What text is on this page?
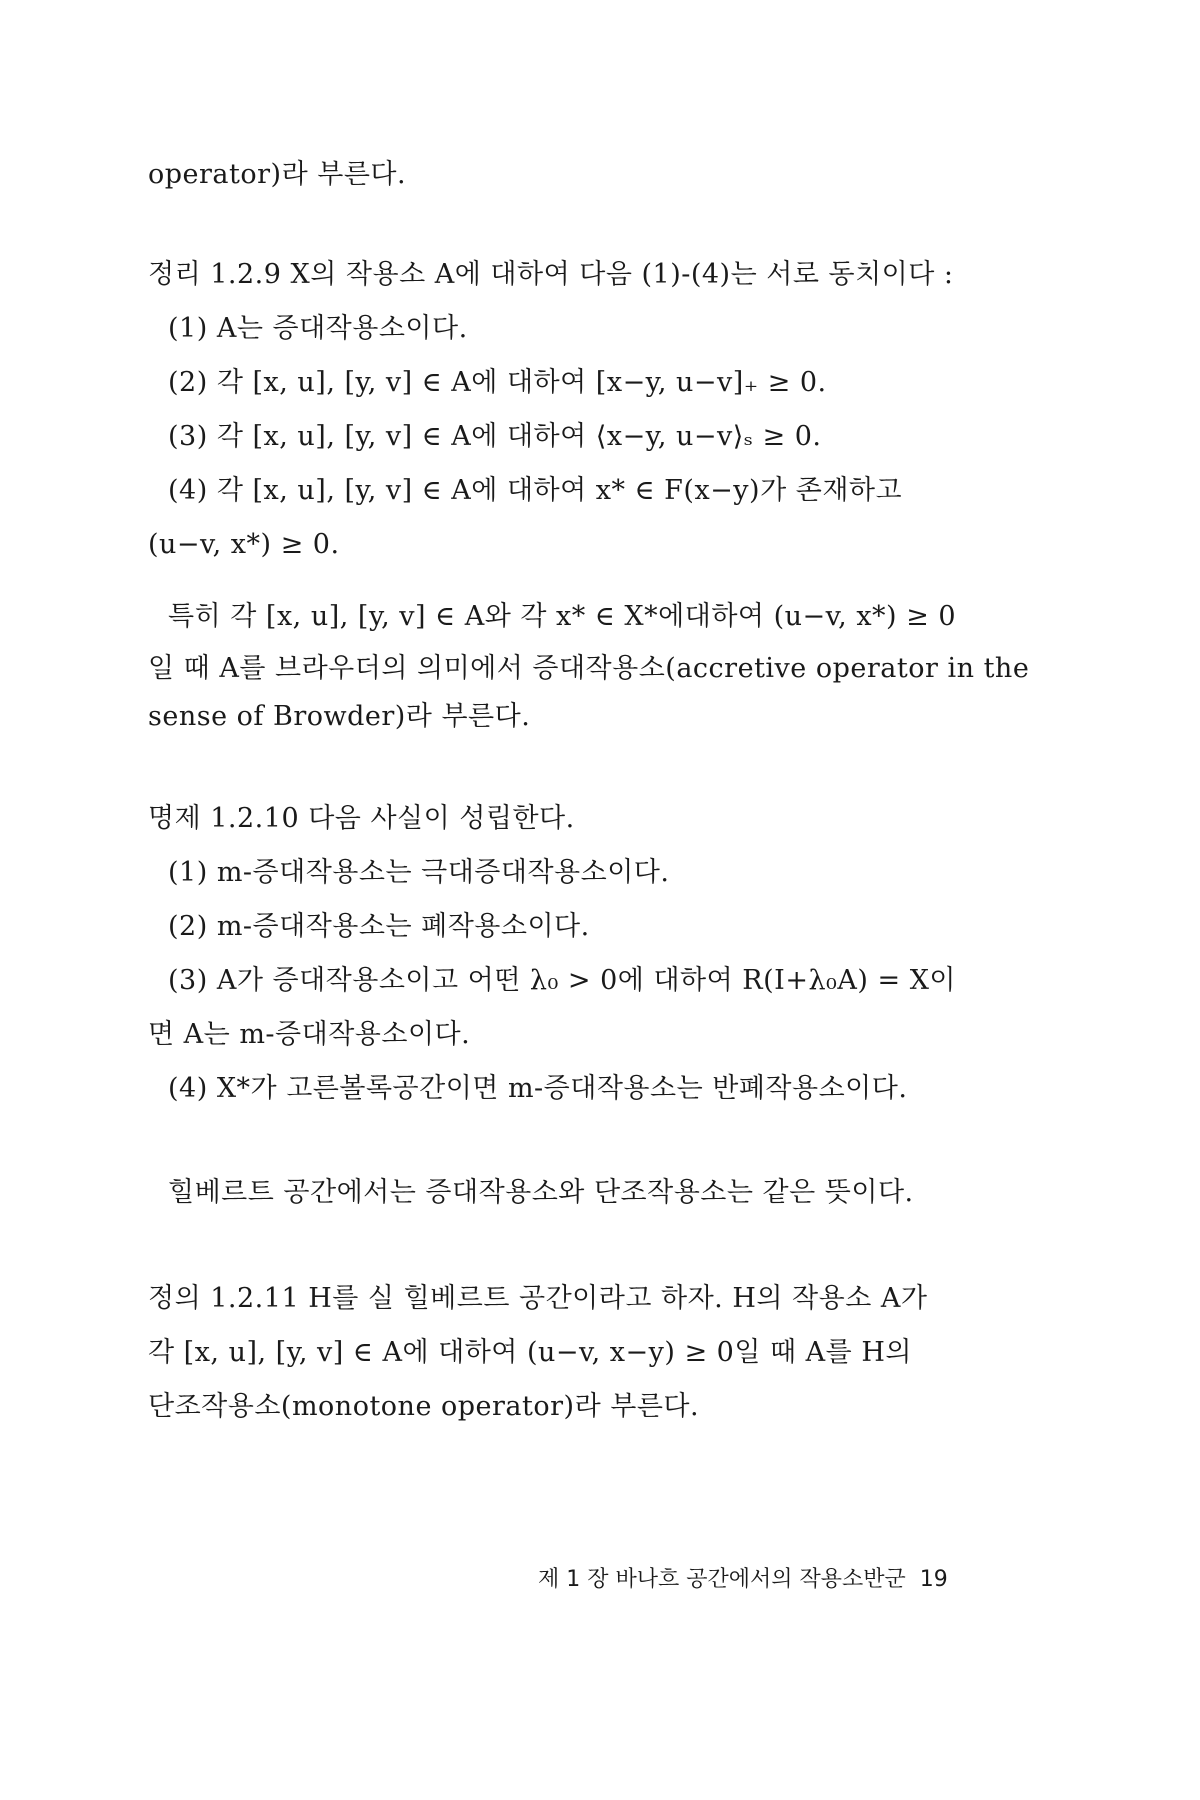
operator)라 부른다.
정리 1.2.9 X의 작용소 A에 대하여 다음 (1)-(4)는 서로 동치이다 :
(1) A는 증대작용소이다.
(2) 각 [x, u], [y, v] ∈ A에 대하여 [x−y, u−v]₊ ≥ 0.
(3) 각 [x, u], [y, v] ∈ A에 대하여 ⟨x−y, u−v⟩ₛ ≥ 0.
(4) 각 [x, u], [y, v] ∈ A에 대하여 x* ∈ F(x−y)가 존재하고
(u−v, x*) ≥ 0.
특히 각 [x, u], [y, v] ∈ A와 각 x* ∈ X*에대하여 (u−v, x*) ≥ 0
일 때 A를 브라우더의 의미에서 증대작용소(accretive operator in the
sense of Browder)라 부른다.
명제 1.2.10 다음 사실이 성립한다.
(1) m-증대작용소는 극대증대작용소이다.
(2) m-증대작용소는 폐작용소이다.
(3) A가 증대작용소이고 어떤 λ₀ > 0에 대하여 R(I+λ₀A) = X이
면 A는 m-증대작용소이다.
(4) X*가 고른볼록공간이면 m-증대작용소는 반폐작용소이다.
힐베르트 공간에서는 증대작용소와 단조작용소는 같은 뜻이다.
정의 1.2.11 H를 실 힐베르트 공간이라고 하자. H의 작용소 A가
각 [x, u], [y, v] ∈ A에 대하여 (u−v, x−y) ≥ 0일 때 A를 H의
단조작용소(monotone operator)라 부른다.
제 1 장 바나흐 공간에서의 작용소반군 19
